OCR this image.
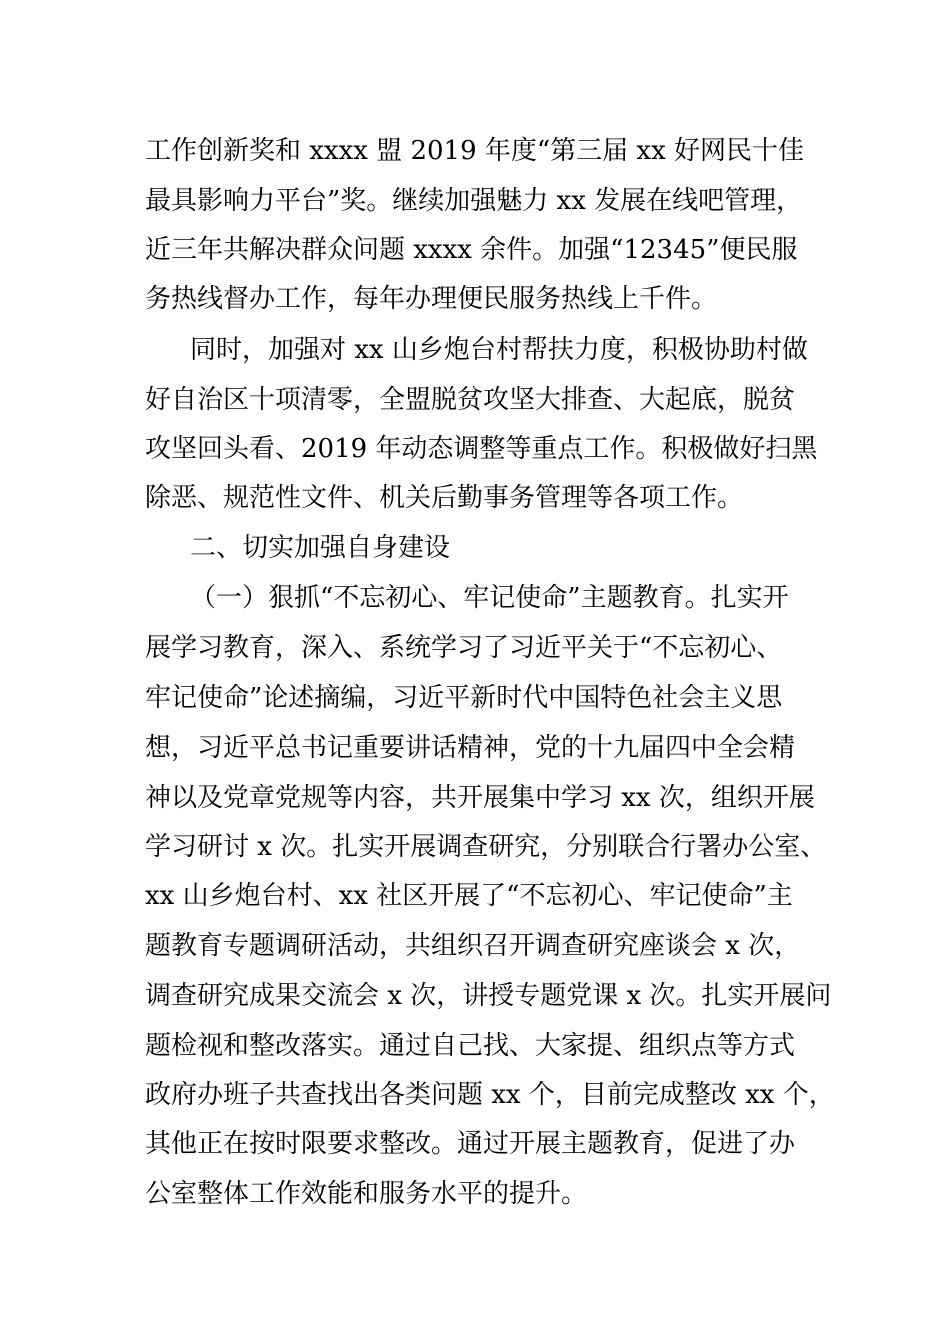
工作创新奖和 xxxx 盟 2019 年度“第三届 xx 好网民十佳
最具影响力平台”奖。继续加强魅力 xx 发展在线吧管理，
近三年共解决群众问题 xxxx 余件。加强“12345”便民服
务热线督办工作，每年办理便民服务热线上千件。
同时，加强对 xx 山乡炮台村帮扶力度，积极协助村做
好自治区十项清零，全盟脱贫攻坚大排查、大起底，脱贫
攻坚回头看、2019 年动态调整等重点工作。积极做好扫黑
除恶、规范性文件、机关后勤事务管理等各项工作。
二、切实加强自身建设
（一）狠抓“不忘初心、牢记使命”主题教育。扎实开
展学习教育，深入、系统学习了习近平关于“不忘初心、
牢记使命”论述摘编，习近平新时代中国特色社会主义思
想，习近平总书记重要讲话精神，党的十九届四中全会精
神以及党章党规等内容，共开展集中学习 xx 次，组织开展
学习研讨 x 次。扎实开展调查研究，分别联合行署办公室、
xx 山乡炮台村、xx 社区开展了“不忘初心、牢记使命”主
题教育专题调研活动，共组织召开调查研究座谈会 x 次，
调查研究成果交流会 x 次，讲授专题党课 x 次。扎实开展问
题检视和整改落实。通过自己找、大家提、组织点等方式
政府办班子共查找出各类问题 xx 个，目前完成整改 xx 个，
其他正在按时限要求整改。通过开展主题教育，促进了办
公室整体工作效能和服务水平的提升。
